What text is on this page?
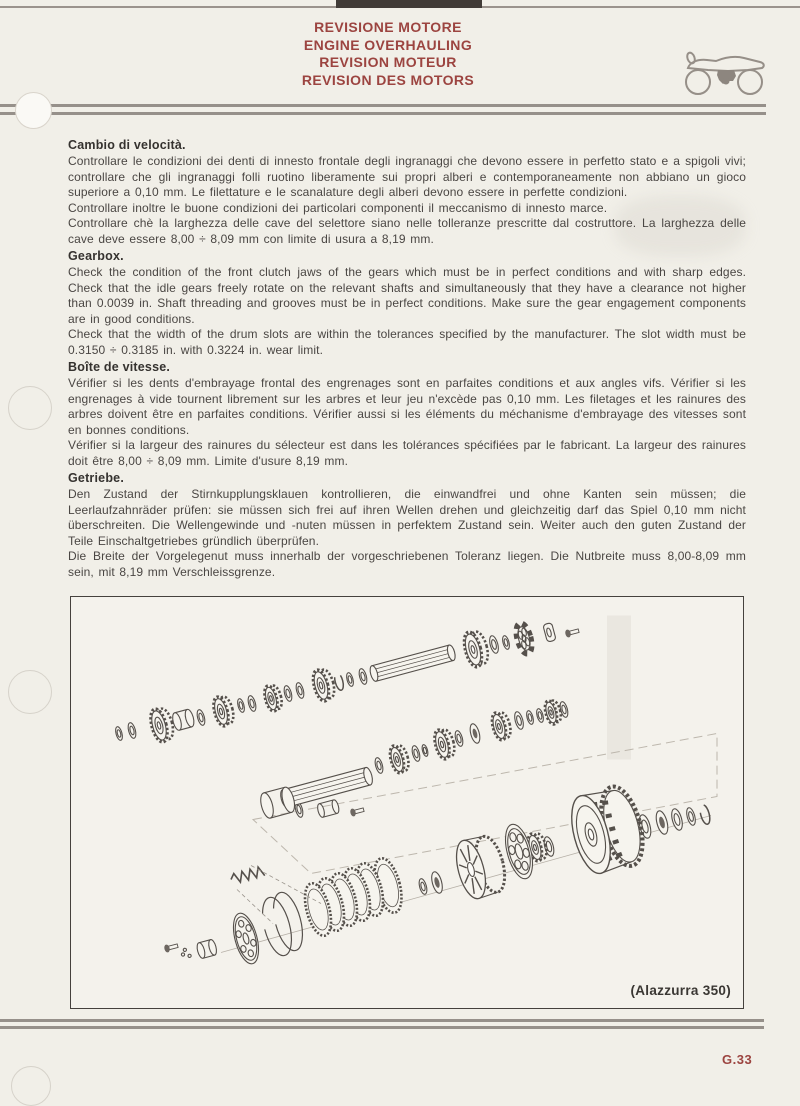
REVISIONE MOTORE
ENGINE OVERHAULING
REVISION MOTEUR
REVISION DES MOTORS
Cambio di velocità.

Controllare le condizioni dei denti di innesto frontale degli ingranaggi che devono essere in perfetto stato e a spigoli vivi; controllare che gli ingranaggi folli ruotino liberamente sui propri alberi e contemporaneamente non abbiano un gioco superiore a 0,10 mm. Le filettature e le scanalature degli alberi devono essere in perfette condizioni.

Controllare inoltre le buone condizioni dei particolari componenti il meccanismo di innesto marce.

Controllare chè la larghezza delle cave del selettore siano nelle tolleranze prescritte dal costruttore. La larghezza delle cave deve essere 8,00 ÷ 8,09 mm con limite di usura a 8,19 mm.

Gearbox.

Check the condition of the front clutch jaws of the gears which must be in perfect conditions and with sharp edges. Check that the idle gears freely rotate on the relevant shafts and simultaneously that they have a clearance not higher than 0.0039 in. Shaft threading and grooves must be in perfect conditions. Make sure the gear engagement components are in good conditions.

Check that the width of the drum slots are within the tolerances specified by the manufacturer. The slot width must be 0.3150 ÷ 0.3185 in. with 0.3224 in. wear limit.

Boîte de vitesse.

Vérifier si les dents d'embrayage frontal des engrenages sont en parfaites conditions et aux angles vifs. Vérifier si les engrenages à vide tournent librement sur les arbres et leur jeu n'excède pas 0,10 mm. Les filetages et les rainures des arbres doivent être en parfaites conditions. Vérifier aussi si les éléments du méchanisme d'embrayage des vitesses sont en bonnes conditions.

Vérifier si la largeur des rainures du sélecteur est dans les tolérances spécifiées par le fabricant. La largeur des rainures doit être 8,00 ÷ 8,09 mm. Limite d'usure 8,19 mm.

Getriebe.

Den Zustand der Stirnkupplungsklauen kontrollieren, die einwandfrei und ohne Kanten sein müssen; die Leerlaufzahnräder prüfen: sie müssen sich frei auf ihren Wellen drehen und gleichzeitig darf das Spiel 0,10 mm nicht überschreiten. Die Wellengewinde und -nuten müssen in perfektem Zustand sein. Weiter auch den guten Zustand der Teile Einschaltgetriebes gründlich überprüfen.

Die Breite der Vorgelegenut muss innerhalb der vorgeschriebenen Toleranz liegen. Die Nutbreite muss 8,00-8,09 mm sein, mit 8,19 mm Verschleissgrenze.

(Alazzurra 350)
G.33
